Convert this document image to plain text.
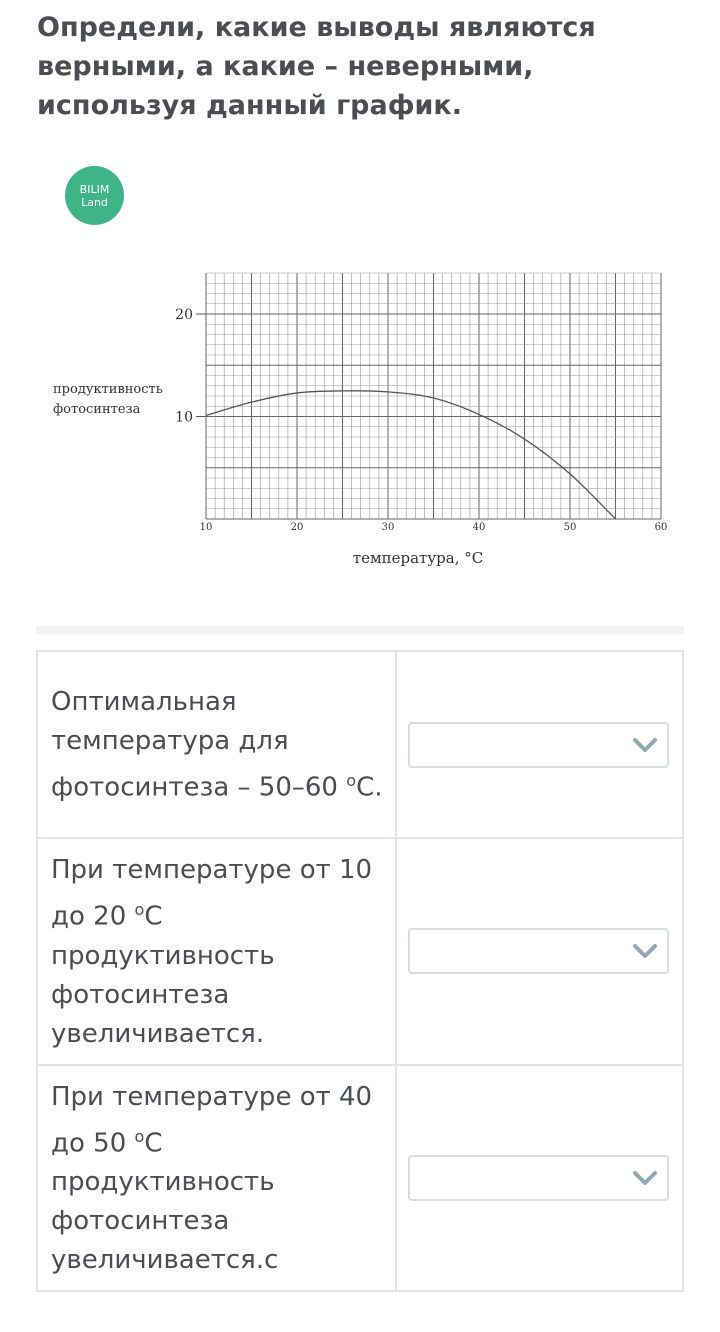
Определи, какие выводы являются верными, а какие – неверными, используя данный график.
BILIM
Land
10	20	30	40	50	60
10
20
продуктивность
фотосинтеза
температура, °C
Оптимальная температура для фотосинтеза – 50–60 $^о$C.	

При температуре от 10 до 20 $^о$C продуктивность фотосинтеза увеличивается.	

При температуре от 40 до 50 $^о$C продуктивность фотосинтеза увеличивается.с	
